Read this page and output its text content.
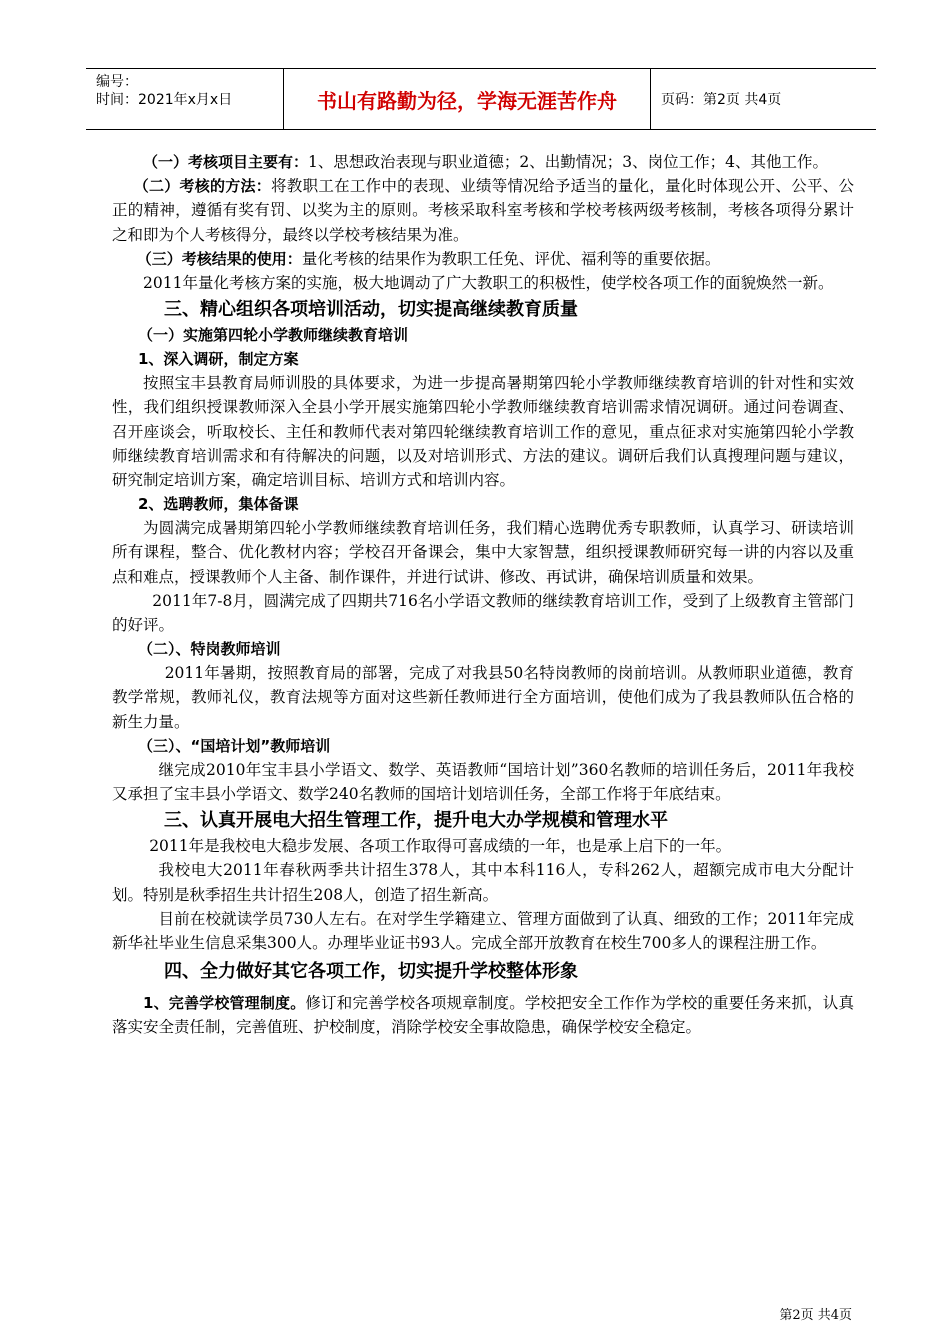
编号：
时间：2021年x月x日	书山有路勤为径，学海无涯苦作舟	页码：第2页 共4页

（一）考核项目主要有：1、思想政治表现与职业道德；2、出勤情况；3、岗位工作；4、其他工作。

（二）考核的方法：将教职工在工作中的表现、业绩等情况给予适当的量化，量化时体现公开、公平、公正的精神，遵循有奖有罚、以奖为主的原则。考核采取科室考核和学校考核两级考核制，考核各项得分累计之和即为个人考核得分，最终以学校考核结果为准。

（三）考核结果的使用：量化考核的结果作为教职工任免、评优、福利等的重要依据。

2011年量化考核方案的实施，极大地调动了广大教职工的积极性，使学校各项工作的面貌焕然一新。

三、精心组织各项培训活动，切实提高继续教育质量
（一）实施第四轮小学教师继续教育培训
1、深入调研，制定方案

按照宝丰县教育局师训股的具体要求，为进一步提高暑期第四轮小学教师继续教育培训的针对性和实效性，我们组织授课教师深入全县小学开展实施第四轮小学教师继续教育培训需求情况调研。通过问卷调查、召开座谈会，听取校长、主任和教师代表对第四轮继续教育培训工作的意见，重点征求对实施第四轮小学教师继续教育培训需求和有待解决的问题，以及对培训形式、方法的建议。调研后我们认真搜理问题与建议，研究制定培训方案，确定培训目标、培训方式和培训内容。

2、选聘教师，集体备课

为圆满完成暑期第四轮小学教师继续教育培训任务，我们精心选聘优秀专职教师，认真学习、研读培训所有课程，整合、优化教材内容；学校召开备课会，集中大家智慧，组织授课教师研究每一讲的内容以及重点和难点，授课教师个人主备、制作课件，并进行试讲、修改、再试讲，确保培训质量和效果。

2011年7-8月，圆满完成了四期共716名小学语文教师的继续教育培训工作，受到了上级教育主管部门的好评。

（二）、特岗教师培训

2011年暑期，按照教育局的部署，完成了对我县50名特岗教师的岗前培训。从教师职业道德，教育教学常规，教师礼仪，教育法规等方面对这些新任教师进行全方面培训，使他们成为了我县教师队伍合格的新生力量。

（三）、“国培计划”教师培训

继完成2010年宝丰县小学语文、数学、英语教师“国培计划”360名教师的培训任务后，2011年我校又承担了宝丰县小学语文、数学240名教师的国培计划培训任务，全部工作将于年底结束。

三、认真开展电大招生管理工作，提升电大办学规模和管理水平

2011年是我校电大稳步发展、各项工作取得可喜成绩的一年，也是承上启下的一年。

我校电大2011年春秋两季共计招生378人，其中本科116人，专科262人，超额完成市电大分配计划。特别是秋季招生共计招生208人，创造了招生新高。

目前在校就读学员730人左右。在对学生学籍建立、管理方面做到了认真、细致的工作；2011年完成新华社毕业生信息采集300人。办理毕业证书93人。完成全部开放教育在校生700多人的课程注册工作。

四、全力做好其它各项工作，切实提升学校整体形象

1、完善学校管理制度。修订和完善学校各项规章制度。学校把安全工作作为学校的重要任务来抓，认真落实安全责任制，完善值班、护校制度，消除学校安全事故隐患，确保学校安全稳定。

第2页 共4页
